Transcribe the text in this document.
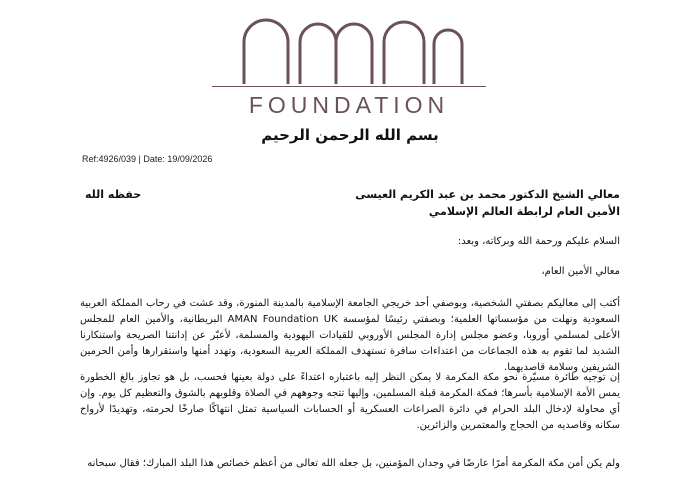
FOUNDATION
بسم الله الرحمن الرحيم
Ref:4926/039 | Date: 19/09/2026
معالي الشيخ الدكتور محمد بن عبد الكريم العيسى
الأمين العام لرابطة العالم الإسلامي
حفظه الله
السلام عليكم ورحمة الله وبركاته، وبعد:
معالي الأمين العام،
أكتب إلى معاليكم بصفتي الشخصية، وبوصفي أحد خريجي الجامعة الإسلامية بالمدينة المنورة، وقد عشت في رحاب المملكة العربية السعودية ونهلت من مؤسساتها العلمية؛ وبصفتي رئيسًا لمؤسسة AMAN Foundation UK البريطانية، والأمين العام للمجلس الأعلى لمسلمي أوروبا، وعضو مجلس إدارة المجلس الأوروبي للقيادات اليهودية والمسلمة، لأعبّر عن إدانتنا الصريحة واستنكارنا الشديد لما تقوم به هذه الجماعات من اعتداءات سافرة تستهدف المملكة العربية السعودية، وتهدد أمنها واستقرارها وأمن الحرمين الشريفين وسلامة قاصديهما.
إن توجيه طائرة مسيّرة نحو مكة المكرمة لا يمكن النظر إليه باعتباره اعتداءً على دولة بعينها فحسب، بل هو تجاوز بالغ الخطورة يمس الأمة الإسلامية بأسرها؛ فمكة المكرمة قبلة المسلمين، وإليها تتجه وجوههم في الصلاة وقلوبهم بالشوق والتعظيم كل يوم. وإن أي محاولة لإدخال البلد الحرام في دائرة الصراعات العسكرية أو الحسابات السياسية تمثل انتهاكًا صارخًا لحرمته، وتهديدًا لأرواح سكانه وقاصديه من الحجاج والمعتمرين والزائرين.
ولم يكن أمن مكة المكرمة أمرًا عارضًا في وجدان المؤمنين، بل جعله الله تعالى من أعظم خصائص هذا البلد المبارك؛ فقال سبحانه
